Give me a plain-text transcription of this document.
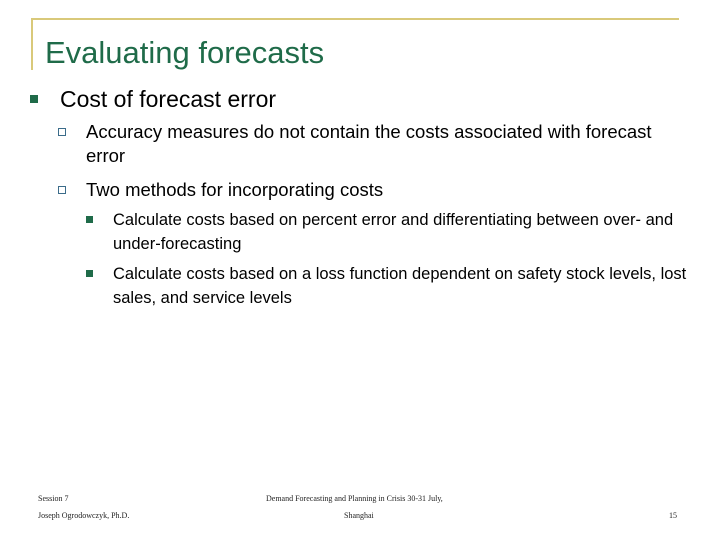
Evaluating forecasts
Cost of forecast error
Accuracy measures do not contain the costs associated with forecast error
Two methods for incorporating costs
Calculate costs based on percent error and differentiating between over- and under-forecasting
Calculate costs based on a loss function dependent on safety stock levels, lost sales, and service levels
Session 7
Joseph Ogrodowczyk, Ph.D.
Demand Forecasting and Planning in Crisis 30-31 July,
Shanghai	15
